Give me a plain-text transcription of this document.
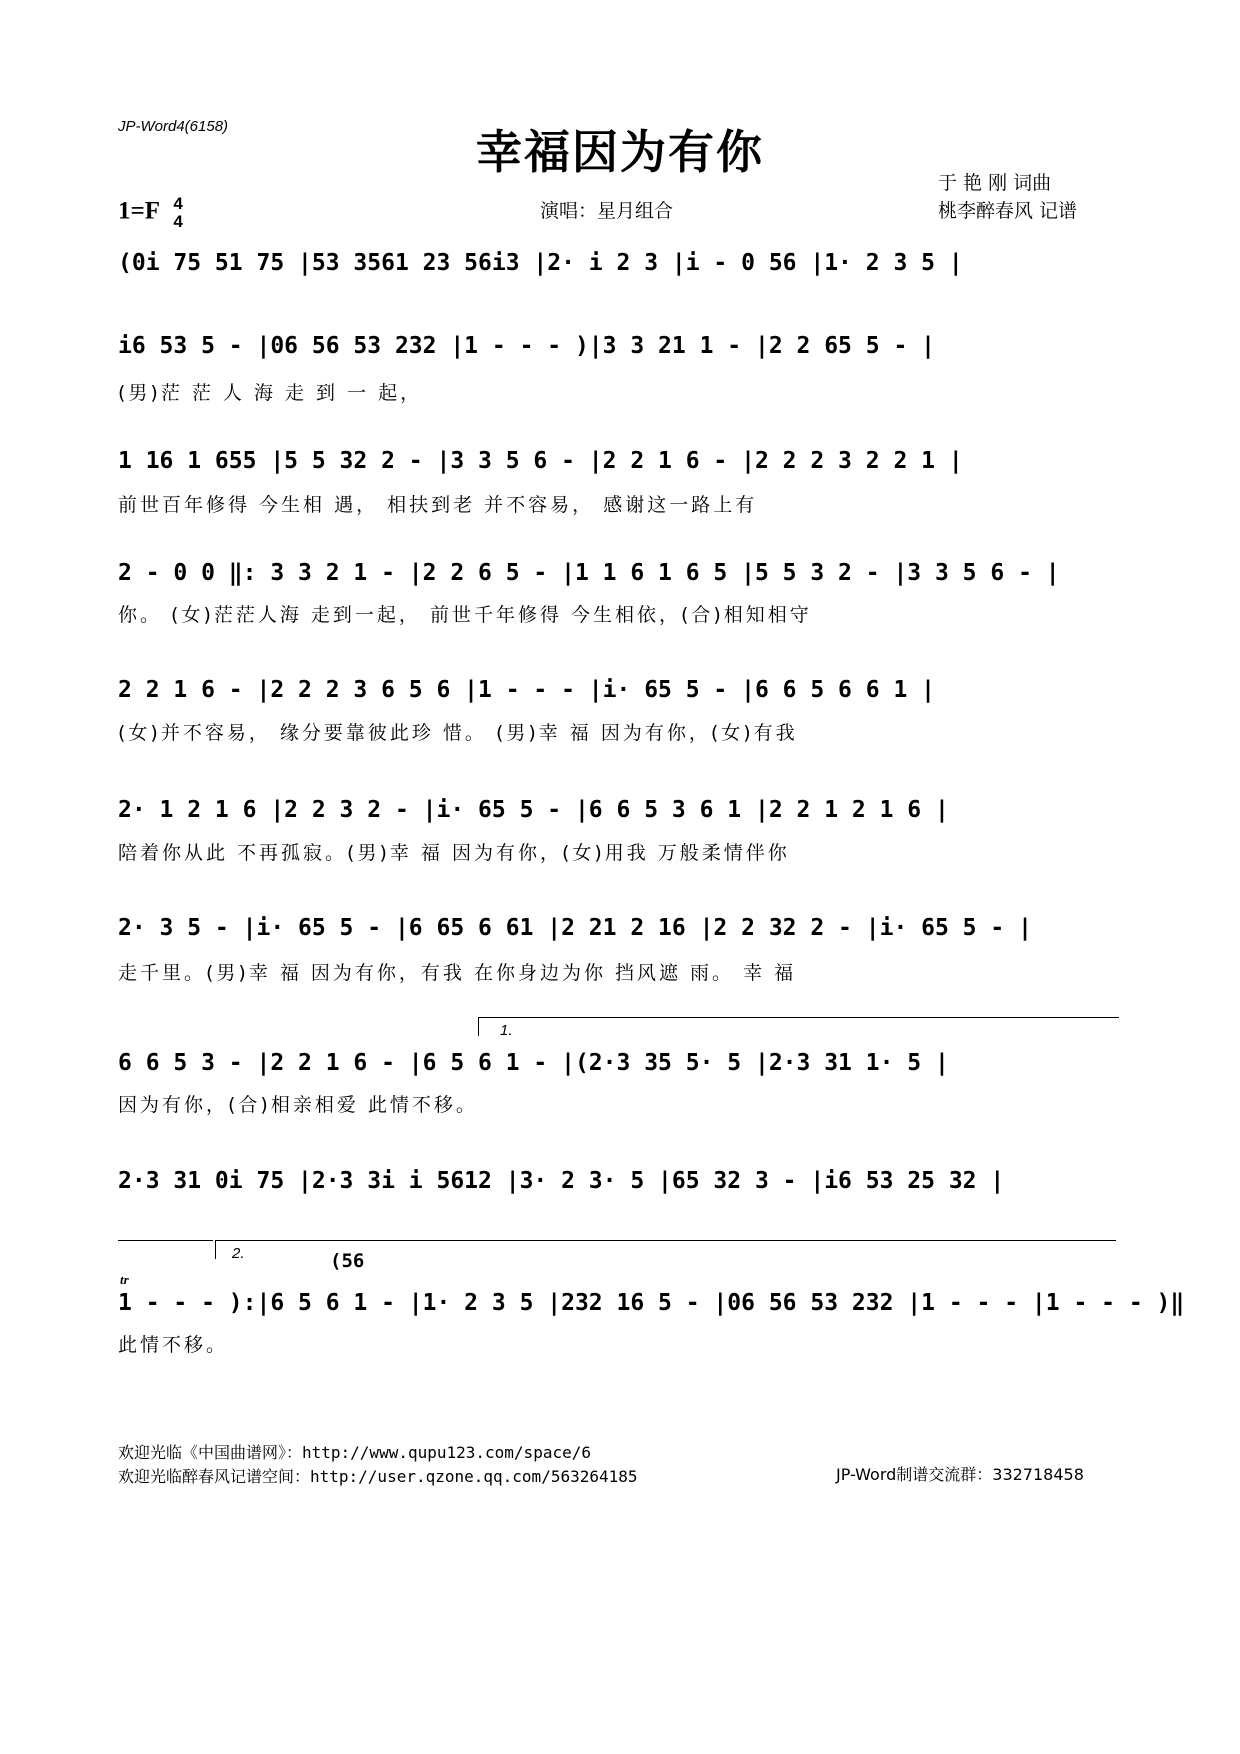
JP-Word4(6158)	幸福因为有你
1=F 4
4	演唱：星月组合
于 艳 刚 词曲
桃李醉春风 记谱
(0i 75 51 75 |53 3561 23 56i3 |2· i 2 3 |i - 0 56 |1· 2 3 5 |
i6 53 5 - |06 56 53 232 |1 - - - )|3 3 21 1 - |2 2 65 5 - |
(男)茫 茫 人 海 走 到 一 起，
1 16 1 655 |5 5 32 2 - |3 3 5 6 - |2 2 1 6 - |2 2 2 3 2 2 1 |
前世百年修得 今生相 遇， 相扶到老 并不容易， 感谢这一路上有
2 - 0 0 ‖: 3 3 2 1 - |2 2 6 5 - |1 1 6 1 6 5 |5 5 3 2 - |3 3 5 6 - |
你。 (女)茫茫人海 走到一起， 前世千年修得 今生相依，(合)相知相守
2 2 1 6 - |2 2 2 3 6 5 6 |1 - - - |i· 65 5 - |6 6 5 6 6 1 |
(女)并不容易， 缘分要靠彼此珍 惜。 (男)幸 福 因为有你，(女)有我
2· 1 2 1 6 |2 2 3 2 - |i· 65 5 - |6 6 5 3 6 1 |2 2 1 2 1 6 |
陪着你从此 不再孤寂。(男)幸 福 因为有你，(女)用我 万般柔情伴你
2· 3 5 - |i· 65 5 - |6 65 6 61 |2 21 2 16 |2 2 32 2 - |i· 65 5 - |
走千里。(男)幸 福 因为有你，有我 在你身边为你 挡风遮 雨。 幸 福
1.
6 6 5 3 - |2 2 1 6 - |6 5 6 1 - |(2·3 35 5· 5 |2·3 31 1· 5 |
因为有你，(合)相亲相爱 此情不移。
2·3 31 0i 75 |2·3 3i i 5612 |3· 2 3· 5 |65 32 3 - |i6 53 25 32 |
2.	(56
tr
1 - - - ):|6 5 6 1 - |1· 2 3 5 |232 16 5 - |06 56 53 232 |1 - - - |1 - - - )‖
此情不移。
欢迎光临《中国曲谱网》：http://www.qupu123.com/space/6
欢迎光临醉春风记谱空间：http://user.qzone.qq.com/563264185	JP-Word制谱交流群：332718458
